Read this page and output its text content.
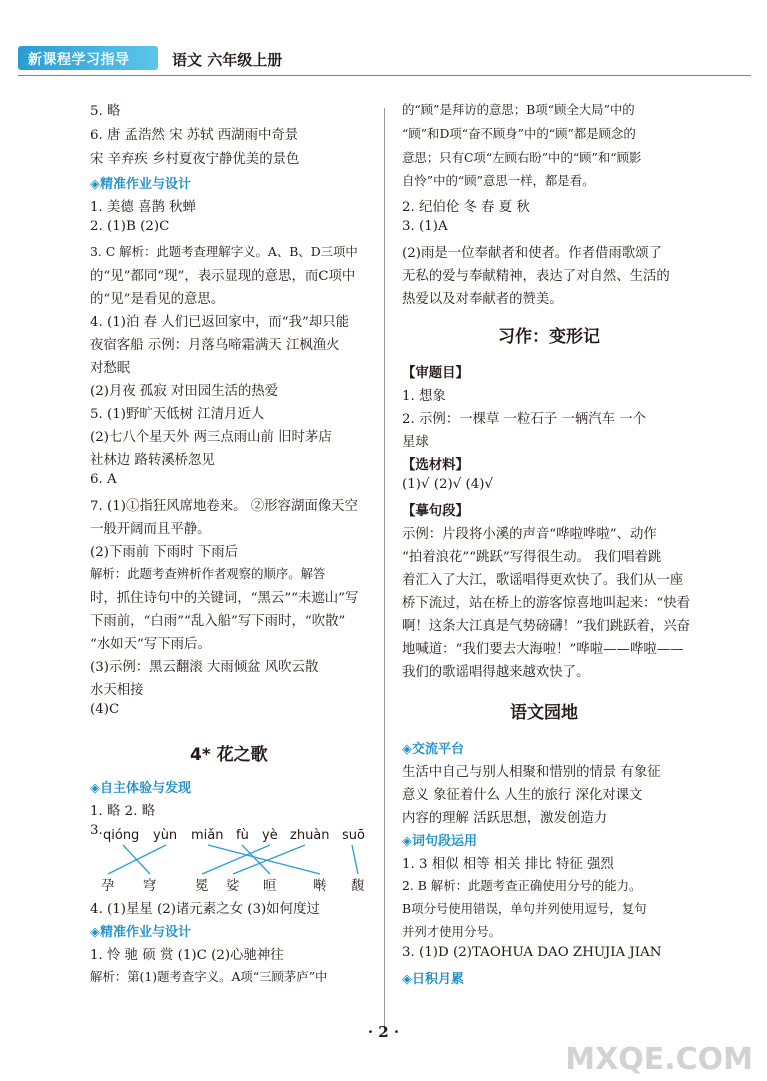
新课程学习指导	语文 六年级上册
5. 略
6. 唐 孟浩然 宋 苏轼 西湖雨中奇景
宋 辛弃疾 乡村夏夜宁静优美的景色
◈精准作业与设计
1. 美德 喜鹊 秋蝉
2. (1)B (2)C
3. C 解析：此题考查理解字义。A、B、D三项中
的“见”都同“现”，表示显现的意思，而C项中
的“见”是看见的意思。
4. (1)泊 春 人们已返回家中，而“我”却只能
夜宿客船 示例：月落乌啼霜满天 江枫渔火
对愁眠
(2)月夜 孤寂 对田园生活的热爱
5. (1)野旷天低树 江清月近人
(2)七八个星天外 两三点雨山前 旧时茅店
社林边 路转溪桥忽见
6. A
7. (1)①指狂风席地卷来。 ②形容湖面像天空
一般开阔而且平静。
(2)下雨前 下雨时 下雨后
解析：此题考查辨析作者观察的顺序。解答
时，抓住诗句中的关键词，“黑云”“未遮山”写
下雨前，“白雨”“乱入船”写下雨时，“吹散”
“水如天”写下雨后。
(3)示例：黑云翻滚 大雨倾盆 风吹云散
水天相接
(4)C
4* 花之歌
◈自主体验与发现
1. 略 2. 略
3.
4. (1)星星 (2)诸元素之女 (3)如何度过
◈精准作业与设计
1. 怜 驰 硕 赏 (1)C (2)心驰神往
解析：第(1)题考查字义。A项“三顾茅庐”中
的“顾”是拜访的意思；B项“顾全大局”中的
“顾”和D项“奋不顾身”中的“顾”都是顾念的
意思；只有C项“左顾右盼”中的“顾”和“顾影
自怜”中的“顾”意思一样，都是看。
2. 纪伯伦 冬 春 夏 秋
3. (1)A
(2)雨是一位奉献者和使者。作者借雨歌颂了
无私的爱与奉献精神，表达了对自然、生活的
热爱以及对奉献者的赞美。
习作：变形记
【审题目】
1. 想象
2. 示例：一棵草 一粒石子 一辆汽车 一个
星球
【选材料】
(1)√ (2)√ (4)√
【摹句段】
示例：片段将小溪的声音“哗啦哗啦”、动作
“拍着浪花”“跳跃”写得很生动。 我们唱着跳
着汇入了大江，歌谣唱得更欢快了。我们从一座
桥下流过，站在桥上的游客惊喜地叫起来：“快看
啊！这条大江真是气势磅礴！”我们跳跃着，兴奋
地喊道：“我们要去大海啦！”哗啦——哗啦——
我们的歌谣唱得越来越欢快了。
语文园地
◈交流平台
生活中自己与别人相聚和惜别的情景 有象征
意义 象征着什么 人生的旅行 深化对课文
内容的理解 活跃思想，激发创造力
◈词句段运用
1. 3 相似 相等 相关 排比 特征 强烈
2. B 解析：此题考查正确使用分号的能力。
B项分号使用错误，单句并列使用逗号，复句
并列才使用分号。
3. (1)D (2)TAOHUA DAO ZHUJIA JIAN
◈日积月累
qióng yùn miǎn fù yè zhuàn suō
孕 穹	冕 娑 晅	啭 馥
· 2 ·
MXQE.COM
